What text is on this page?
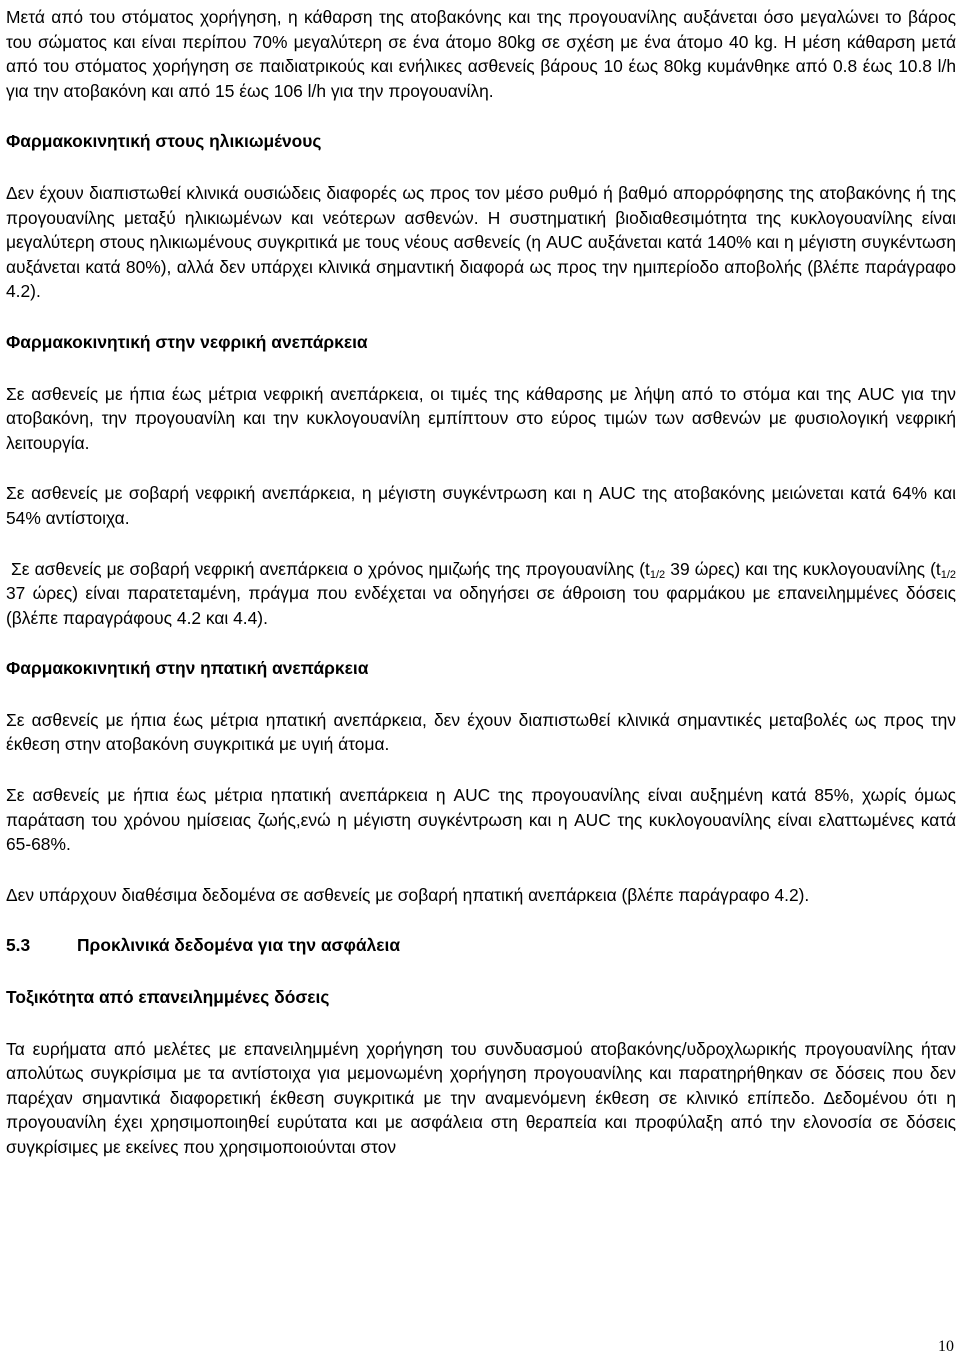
Μετά από του στόματος χορήγηση, η κάθαρση της ατοβακόνης και της προγουανίλης αυξάνεται όσο μεγαλώνει το βάρος του σώματος και είναι περίπου 70% μεγαλύτερη σε ένα άτομο 80kg σε σχέση με ένα άτομο 40 kg. Η μέση κάθαρση μετά από του στόματος χορήγηση σε παιδιατρικούς και ενήλικες ασθενείς βάρους 10 έως 80kg κυμάνθηκε από 0.8 έως 10.8 l/h για την ατοβακόνη και από 15 έως 106 l/h για την προγουανίλη.

Φαρμακοκινητική στους ηλικιωμένους

Δεν έχουν διαπιστωθεί κλινικά ουσιώδεις διαφορές ως προς τον μέσο ρυθμό ή βαθμό απορρόφησης της ατοβακόνης ή της προγουανίλης μεταξύ ηλικιωμένων και νεότερων ασθενών. Η συστηματική βιοδιαθεσιμότητα της κυκλογουανίλης είναι μεγαλύτερη στους ηλικιωμένους συγκριτικά με τους νέους ασθενείς (η AUC αυξάνεται κατά 140% και η μέγιστη συγκέντωση αυξάνεται κατά 80%), αλλά δεν υπάρχει κλινικά σημαντική διαφορά ως προς την ημιπερίοδο αποβολής (βλέπε παράγραφο 4.2).

Φαρμακοκινητική στην νεφρική ανεπάρκεια

Σε ασθενείς με ήπια έως μέτρια νεφρική ανεπάρκεια, οι τιμές της κάθαρσης με λήψη από το στόμα και της AUC για την ατοβακόνη, την προγουανίλη και την κυκλογουανίλη εμπίπτουν στο εύρος τιμών των ασθενών με φυσιολογική νεφρική λειτουργία.

Σε ασθενείς με σοβαρή νεφρική ανεπάρκεια, η μέγιστη συγκέντρωση και η AUC της ατοβακόνης μειώνεται κατά 64% και 54% αντίστοιχα.

Σε ασθενείς με σοβαρή νεφρική ανεπάρκεια ο χρόνος ημιζωής της προγουανίλης ($t_{1/2}$ 39 ώρες) και της κυκλογουανίλης ($t_{1/2}$ 37 ώρες) είναι παρατεταμένη, πράγμα που ενδέχεται να οδηγήσει σε άθροιση του φαρμάκου με επανειλημμένες δόσεις (βλέπε παραγράφους 4.2 και 4.4).

Φαρμακοκινητική στην ηπατική ανεπάρκεια

Σε ασθενείς με ήπια έως μέτρια ηπατική ανεπάρκεια, δεν έχουν διαπιστωθεί κλινικά σημαντικές μεταβολές ως προς την έκθεση στην ατοβακόνη συγκριτικά με υγιή άτομα.

Σε ασθενείς με ήπια έως μέτρια ηπατική ανεπάρκεια η AUC της προγουανίλης είναι αυξημένη κατά 85%, χωρίς όμως παράταση του χρόνου ημίσειας ζωής,ενώ η μέγιστη συγκέντρωση και η AUC της κυκλογουανίλης είναι ελαττωμένες κατά 65-68%.

Δεν υπάρχουν διαθέσιμα δεδομένα σε ασθενείς με σοβαρή ηπατική ανεπάρκεια (βλέπε παράγραφο 4.2).

5.3	Προκλινικά δεδομένα για την ασφάλεια

Τοξικότητα από επανειλημμένες δόσεις

Τα ευρήματα από μελέτες με επανειλημμένη χορήγηση του συνδυασμού ατοβακόνης/υδροχλωρικής προγουανίλης ήταν απολύτως συγκρίσιμα με τα αντίστοιχα για μεμονωμένη χορήγηση προγουανίλης και παρατηρήθηκαν σε δόσεις που δεν παρέχαν σημαντικά διαφορετική έκθεση συγκριτικά με την αναμενόμενη έκθεση σε κλινικό επίπεδο. Δεδομένου ότι η προγουανίλη έχει χρησιμοποιηθεί ευρύτατα και με ασφάλεια στη θεραπεία και προφύλαξη από την ελονοσία σε δόσεις συγκρίσιμες με εκείνες που χρησιμοποιούνται στον

10
